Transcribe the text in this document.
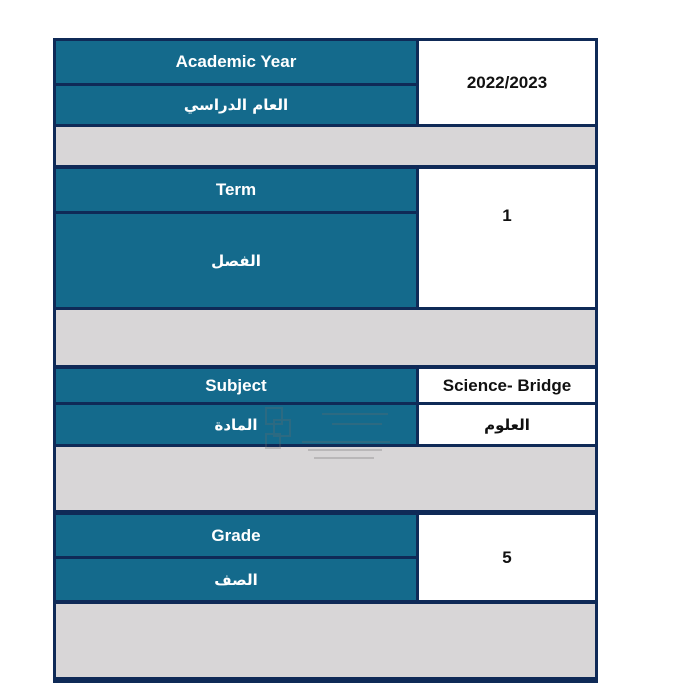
Academic Year
العام الدراسي
2022/2023
Term
الفصل
1
Subject
المادة
Science- Bridge
العلوم
Grade
الصف
5
